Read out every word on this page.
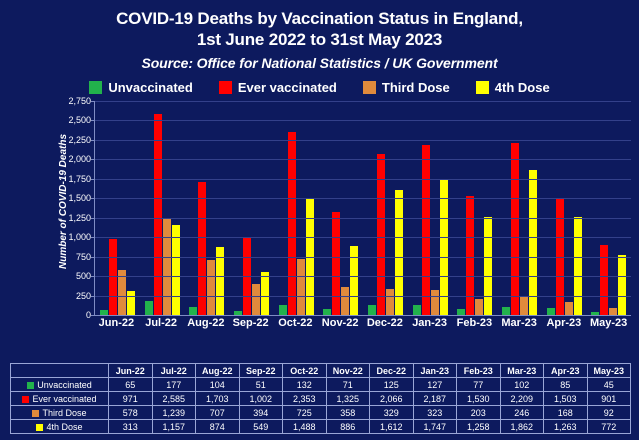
COVID-19 Deaths by Vaccination Status in England,
1st June 2022 to 31st May 2023
Source: Office for National Statistics / UK Government
Unvaccinated	Ever vaccinated	Third Dose	4th Dose
Number of COVID-19 Deaths
0
250
500
750
1,000
1,250
1,500
1,750
2,000
2,250
2,500
2,750
Jun-22	Jul-22 Aug-22 Sep-22 Oct-22 Nov-22 Dec-22 Jan-23 Feb-23 Mar-23 Apr-23 May-23
	Jun-22	Jul-22	Aug-22	Sep-22	Oct-22	Nov-22	Dec-22	Jan-23	Feb-23	Mar-23	Apr-23	May-23
Unvaccinated	65	177	104	51	132	71	125	127	77	102	85	45
Ever vaccinated	971	2,585	1,703	1,002	2,353	1,325	2,066	2,187	1,530	2,209	1,503	901
Third Dose	578	1,239	707	394	725	358	329	323	203	246	168	92
4th Dose	313	1,157	874	549	1,488	886	1,612	1,747	1,258	1,862	1,263	772
